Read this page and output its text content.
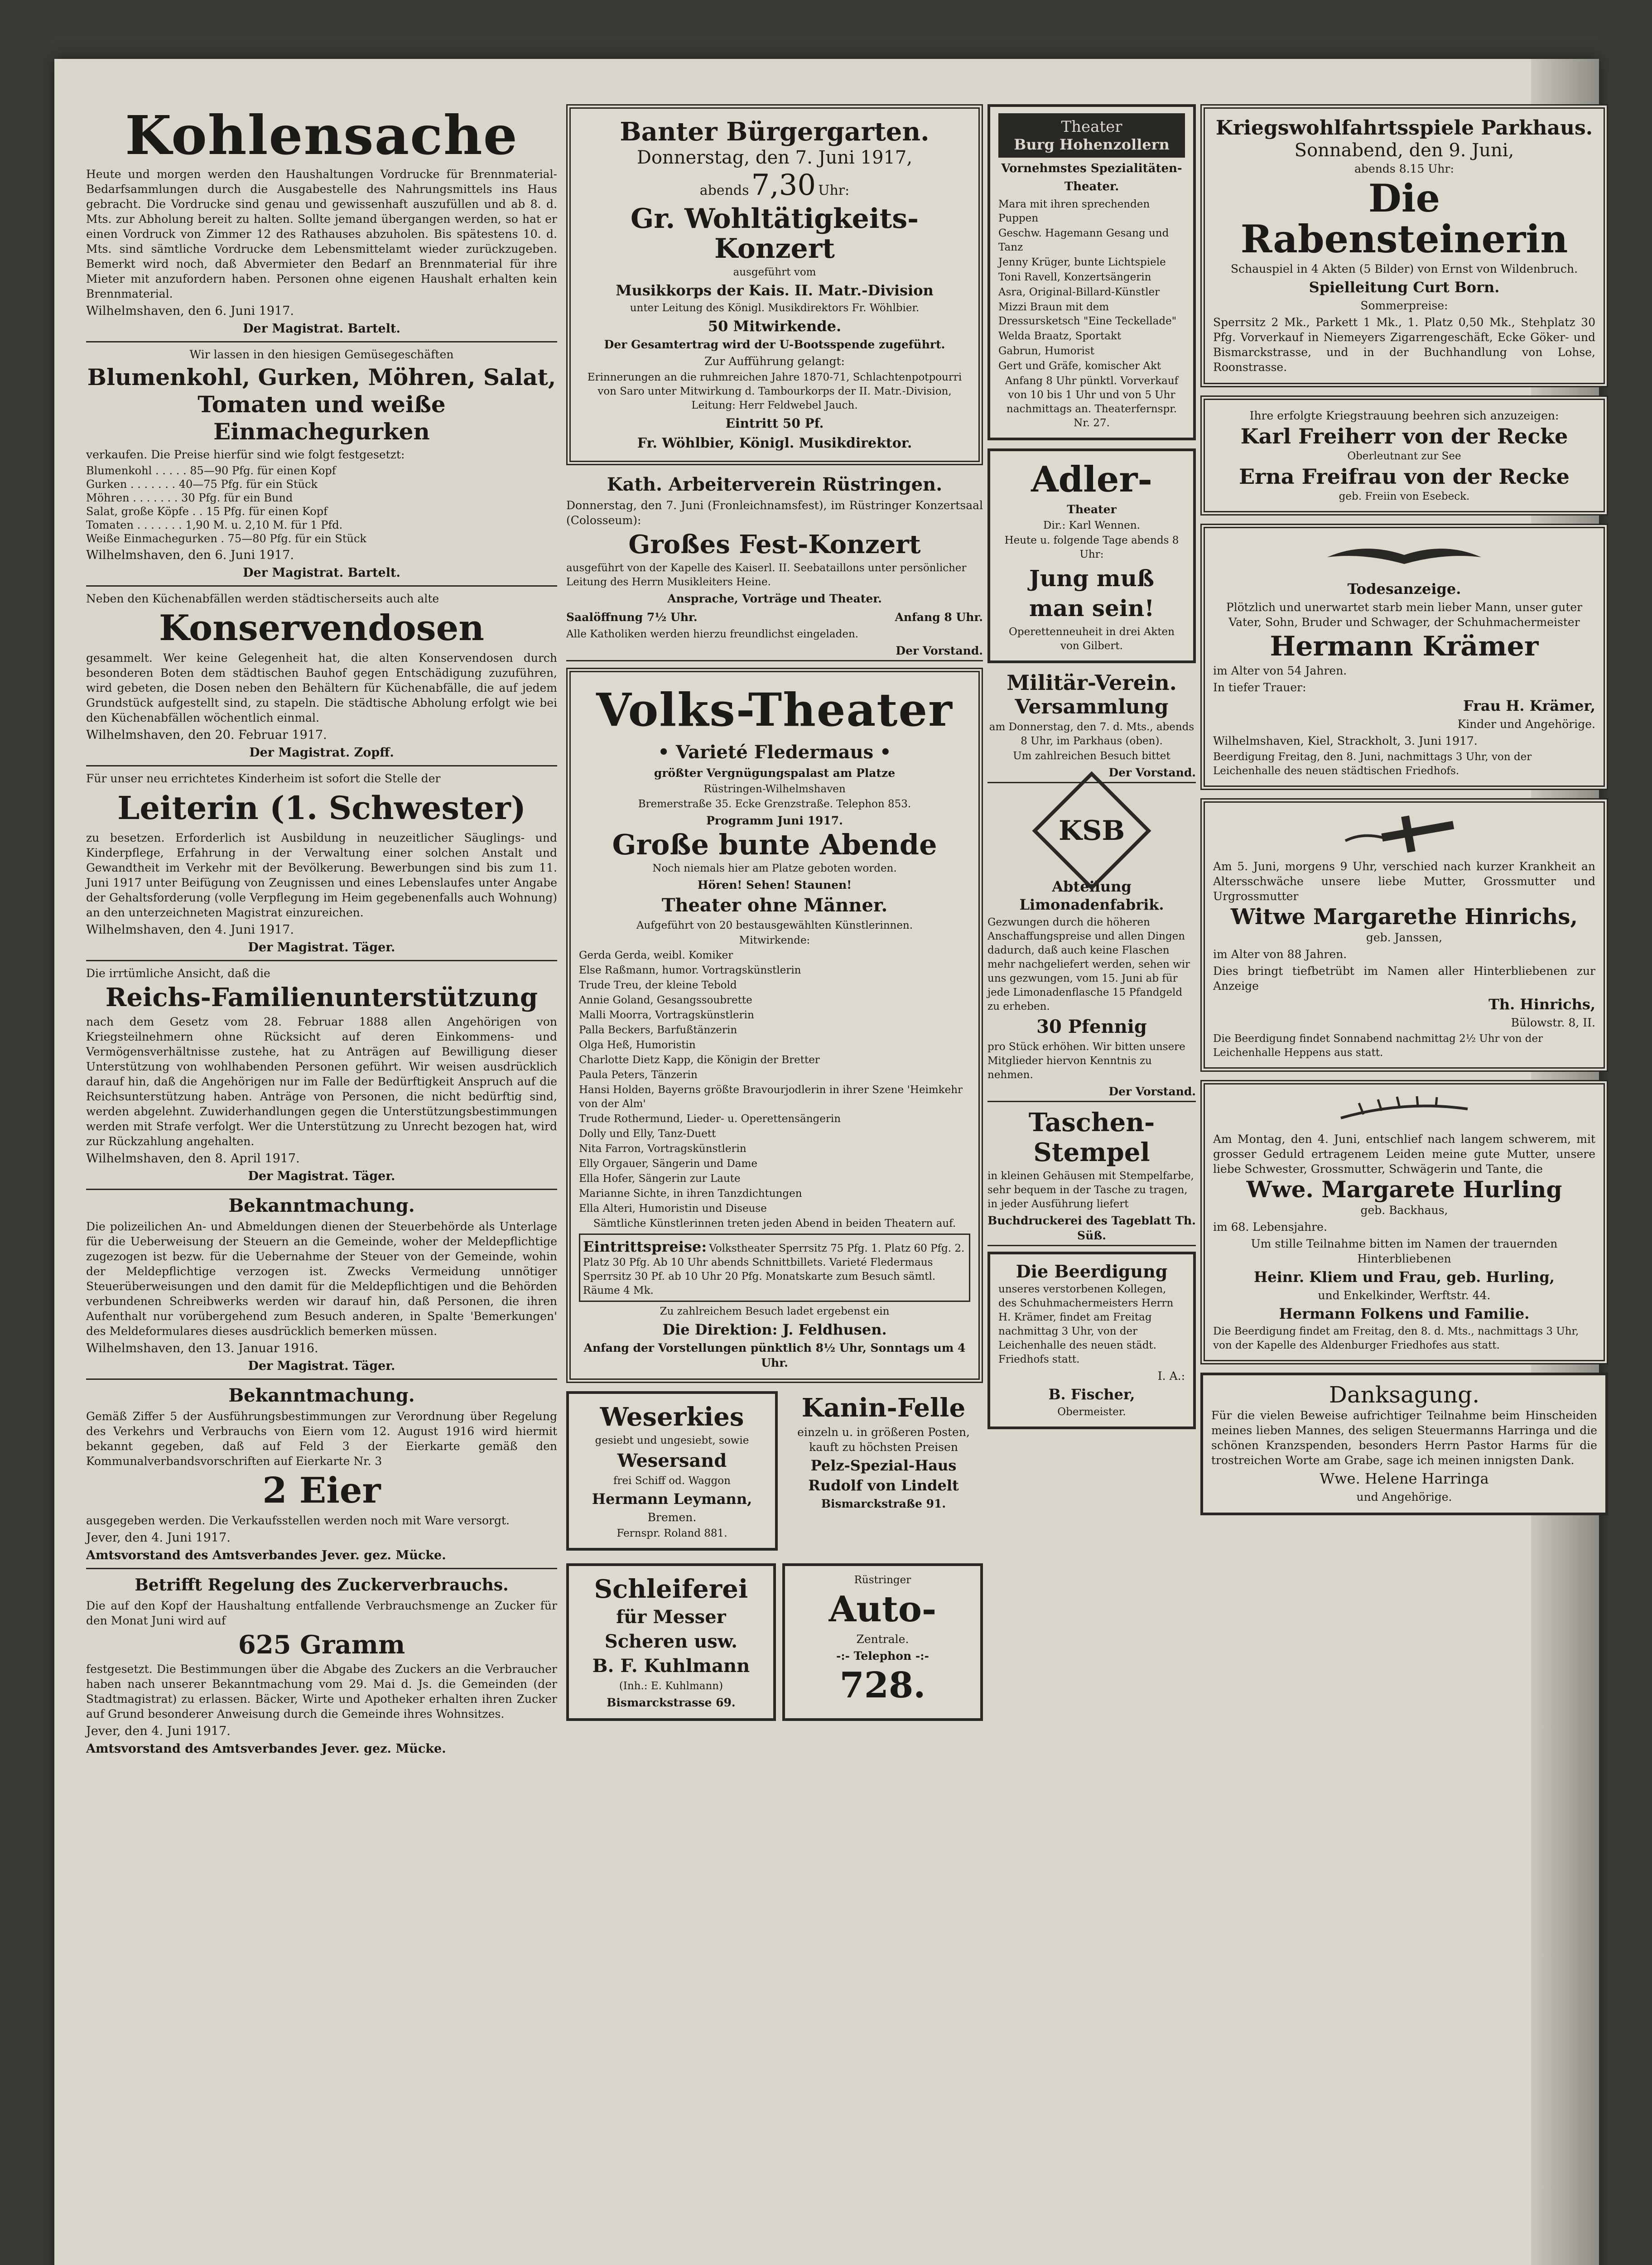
Kohlensache

Heute und morgen werden den Haushaltungen Vordrucke für Brennmaterial-Bedarfsammlungen durch die Ausgabestelle des Nahrungsmittels ins Haus gebracht. Die Vordrucke sind genau und gewissenhaft auszufüllen und ab 8. d. Mts. zur Abholung bereit zu halten. Sollte jemand übergangen werden, so hat er einen Vordruck von Zimmer 12 des Rathauses abzuholen. Bis spätestens 10. d. Mts. sind sämtliche Vordrucke dem Lebensmittelamt wieder zurückzugeben. Bemerkt wird noch, daß Abvermieter den Bedarf an Brennmaterial für ihre Mieter mit anzufordern haben. Personen ohne eigenen Haushalt erhalten kein Brennmaterial.

Wilhelmshaven, den 6. Juni 1917.

Der Magistrat. Bartelt.

Wir lassen in den hiesigen Gemüsegeschäften

Blumenkohl, Gurken, Möhren, Salat, Tomaten und weiße Einmachegurken

verkaufen. Die Preise hierfür sind wie folgt festgesetzt:

Blumenkohl . . . . . 85—90 Pfg. für einen Kopf
Gurken . . . . . . . 40—75 Pfg. für ein Stück
Möhren . . . . . . . 30 Pfg. für ein Bund
Salat, große Köpfe . . 15 Pfg. für einen Kopf
Tomaten . . . . . . . 1,90 M. u. 2,10 M. für 1 Pfd.
Weiße Einmachegurken . 75—80 Pfg. für ein Stück

Wilhelmshaven, den 6. Juni 1917.

Der Magistrat. Bartelt.

Neben den Küchenabfällen werden städtischerseits auch alte

Konservendosen

gesammelt. Wer keine Gelegenheit hat, die alten Konservendosen durch besonderen Boten dem städtischen Bauhof gegen Entschädigung zuzuführen, wird gebeten, die Dosen neben den Behältern für Küchenabfälle, die auf jedem Grundstück aufgestellt sind, zu stapeln. Die städtische Abholung erfolgt wie bei den Küchenabfällen wöchentlich einmal.

Wilhelmshaven, den 20. Februar 1917.

Der Magistrat. Zopff.

Für unser neu errichtetes Kinderheim ist sofort die Stelle der

Leiterin (1. Schwester)

zu besetzen. Erforderlich ist Ausbildung in neuzeitlicher Säuglings- und Kinderpflege, Erfahrung in der Verwaltung einer solchen Anstalt und Gewandtheit im Verkehr mit der Bevölkerung. Bewerbungen sind bis zum 11. Juni 1917 unter Beifügung von Zeugnissen und eines Lebenslaufes unter Angabe der Gehaltsforderung (volle Verpflegung im Heim gegebenenfalls auch Wohnung) an den unterzeichneten Magistrat einzureichen.

Wilhelmshaven, den 4. Juni 1917.

Der Magistrat. Täger.

Die irrtümliche Ansicht, daß die

Reichs-Familienunterstützung

nach dem Gesetz vom 28. Februar 1888 allen Angehörigen von Kriegsteilnehmern ohne Rücksicht auf deren Einkommens- und Vermögensverhältnisse zustehe, hat zu Anträgen auf Bewilligung dieser Unterstützung von wohlhabenden Personen geführt. Wir weisen ausdrücklich darauf hin, daß die Angehörigen nur im Falle der Bedürftigkeit Anspruch auf die Reichsunterstützung haben. Anträge von Personen, die nicht bedürftig sind, werden abgelehnt. Zuwiderhandlungen gegen die Unterstützungsbestimmungen werden mit Strafe verfolgt. Wer die Unterstützung zu Unrecht bezogen hat, wird zur Rückzahlung angehalten.

Wilhelmshaven, den 8. April 1917.

Der Magistrat. Täger.

Bekanntmachung.

Die polizeilichen An- und Abmeldungen dienen der Steuerbehörde als Unterlage für die Ueberweisung der Steuern an die Gemeinde, woher der Meldepflichtige zugezogen ist bezw. für die Uebernahme der Steuer von der Gemeinde, wohin der Meldepflichtige verzogen ist. Zwecks Vermeidung unnötiger Steuerüberweisungen und den damit für die Meldepflichtigen und die Behörden verbundenen Schreibwerks werden wir darauf hin, daß Personen, die ihren Aufenthalt nur vorübergehend zum Besuch anderen, in Spalte 'Bemerkungen' des Meldeformulares dieses ausdrücklich bemerken müssen.

Wilhelmshaven, den 13. Januar 1916.

Der Magistrat. Täger.

Bekanntmachung.

Gemäß Ziffer 5 der Ausführungsbestimmungen zur Verordnung über Regelung des Verkehrs und Verbrauchs von Eiern vom 12. August 1916 wird hiermit bekannt gegeben, daß auf Feld 3 der Eierkarte gemäß den Kommunalverbandsvorschriften auf Eierkarte Nr. 3

2 Eier

ausgegeben werden. Die Verkaufsstellen werden noch mit Ware versorgt.

Jever, den 4. Juni 1917.

Amtsvorstand des Amtsverbandes Jever. gez. Mücke.

Betrifft Regelung des Zuckerverbrauchs.

Die auf den Kopf der Haushaltung entfallende Verbrauchsmenge an Zucker für den Monat Juni wird auf

625 Gramm

festgesetzt. Die Bestimmungen über die Abgabe des Zuckers an die Verbraucher haben nach unserer Bekanntmachung vom 29. Mai d. Js. die Gemeinden (der Stadtmagistrat) zu erlassen. Bäcker, Wirte und Apotheker erhalten ihren Zucker auf Grund besonderer Anweisung durch die Gemeinde ihres Wohnsitzes.

Jever, den 4. Juni 1917.

Amtsvorstand des Amtsverbandes Jever. gez. Mücke.

Banter Bürgergarten.
Donnerstag, den 7. Juni 1917,
abends 7,30 Uhr:
Gr. Wohltätigkeits-Konzert

ausgeführt vom

Musikkorps der Kais. II. Matr.-Division

unter Leitung des Königl. Musikdirektors Fr. Wöhlbier.

50 Mitwirkende.

Der Gesamtertrag wird der U-Bootsspende zugeführt.

Zur Aufführung gelangt:

Erinnerungen an die ruhmreichen Jahre 1870-71, Schlachtenpotpourri von Saro unter Mitwirkung d. Tambourkorps der II. Matr.-Division, Leitung: Herr Feldwebel Jauch.

Eintritt 50 Pf.

Fr. Wöhlbier, Königl. Musikdirektor.

Kath. Arbeiterverein Rüstringen.

Donnerstag, den 7. Juni (Fronleichnamsfest), im Rüstringer Konzertsaal (Colosseum):

Großes Fest-Konzert

ausgeführt von der Kapelle des Kaiserl. II. Seebataillons unter persönlicher Leitung des Herrn Musikleiters Heine.

Ansprache, Vorträge und Theater.

Saalöffnung 7½ Uhr.	Anfang 8 Uhr.

Alle Katholiken werden hierzu freundlichst eingeladen.

Der Vorstand.

Volks-Theater
• Varieté Fledermaus •

größter Vergnügungspalast am Platze

Rüstringen-Wilhelmshaven

Bremerstraße 35. Ecke Grenzstraße. Telephon 853.

Programm Juni 1917.

Große bunte Abende

Noch niemals hier am Platze geboten worden.

Hören! Sehen! Staunen!

Theater ohne Männer.

Aufgeführt von 20 bestausgewählten Künstlerinnen.

Mitwirkende:

Gerda Gerda, weibl. Komiker

Else Raßmann, humor. Vortragskünstlerin

Trude Treu, der kleine Tebold

Annie Goland, Gesangssoubrette

Malli Moorra, Vortragskünstlerin

Palla Beckers, Barfußtänzerin

Olga Heß, Humoristin

Charlotte Dietz Kapp, die Königin der Bretter

Paula Peters, Tänzerin

Hansi Holden, Bayerns größte Bravourjodlerin in ihrer Szene 'Heimkehr von der Alm'

Trude Rothermund, Lieder- u. Operettensängerin

Dolly und Elly, Tanz-Duett

Nita Farron, Vortragskünstlerin

Elly Orgauer, Sängerin und Dame

Ella Hofer, Sängerin zur Laute

Marianne Sichte, in ihren Tanzdichtungen

Ella Alteri, Humoristin und Diseuse

Sämtliche Künstlerinnen treten jeden Abend in beiden Theatern auf.

Eintrittspreise: Volkstheater Sperrsitz 75 Pfg. 1. Platz 60 Pfg. 2. Platz 30 Pfg. Ab 10 Uhr abends Schnittbillets. Varieté Fledermaus Sperrsitz 30 Pf. ab 10 Uhr 20 Pfg. Monatskarte zum Besuch sämtl. Räume 4 Mk.

Zu zahlreichem Besuch ladet ergebenst ein

Die Direktion: J. Feldhusen.

Anfang der Vorstellungen pünktlich 8½ Uhr, Sonntags um 4 Uhr.

Weserkies

gesiebt und ungesiebt, sowie

Wesersand

frei Schiff od. Waggon

Hermann Leymann,

Bremen.

Fernspr. Roland 881.

Kanin-Felle

einzeln u. in größeren Posten, kauft zu höchsten Preisen

Pelz-Spezial-Haus

Rudolf von Lindelt

Bismarckstraße 91.

Schleiferei
für Messer
Scheren usw.
B. F. Kuhlmann

(Inh.: E. Kuhlmann)

Bismarckstrasse 69.

Rüstringer

Auto-

Zentrale.

-:- Telephon -:-

728.
Theater
Burg Hohenzollern

Vornehmstes Spezialitäten-Theater.

Mara mit ihren sprechenden Puppen

Geschw. Hagemann Gesang und Tanz

Jenny Krüger, bunte Lichtspiele

Toni Ravell, Konzertsängerin

Asra, Original-Billard-Künstler

Mizzi Braun mit dem Dressursketsch "Eine Teckellade"

Welda Braatz, Sportakt

Gabrun, Humorist

Gert und Gräfe, komischer Akt

Anfang 8 Uhr pünktl. Vorverkauf von 10 bis 1 Uhr und von 5 Uhr nachmittags an. Theaterfernspr. Nr. 27.

Adler-

Theater

Dir.: Karl Wennen.

Heute u. folgende Tage abends 8 Uhr:

Jung muß man sein!

Operettenneuheit in drei Akten von Gilbert.

Militär-Verein.
Versammlung

am Donnerstag, den 7. d. Mts., abends 8 Uhr, im Parkhaus (oben).

Um zahlreichen Besuch bittet

Der Vorstand.

KSB

Abteilung Limonadenfabrik.

Gezwungen durch die höheren Anschaffungspreise und allen Dingen dadurch, daß auch keine Flaschen mehr nachgeliefert werden, sehen wir uns gezwungen, vom 15. Juni ab für jede Limonadenflasche 15 Pfandgeld zu erheben.

30 Pfennig

pro Stück erhöhen. Wir bitten unsere Mitglieder hiervon Kenntnis zu nehmen.

Der Vorstand.

Taschen-Stempel

in kleinen Gehäusen mit Stempelfarbe, sehr bequem in der Tasche zu tragen, in jeder Ausführung liefert

Buchdruckerei des Tageblatt Th. Süß.

Die Beerdigung

unseres verstorbenen Kollegen, des Schuhmachermeisters Herrn H. Krämer, findet am Freitag nachmittag 3 Uhr, von der Leichenhalle des neuen städt. Friedhofs statt.

I. A.:

B. Fischer,

Obermeister.

Kriegswohlfahrtsspiele Parkhaus.

Sonnabend, den 9. Juni,

abends 8.15 Uhr:

Die Rabensteinerin

Schauspiel in 4 Akten (5 Bilder) von Ernst von Wildenbruch.

Spielleitung Curt Born.

Sommerpreise:

Sperrsitz 2 Mk., Parkett 1 Mk., 1. Platz 0,50 Mk., Stehplatz 30 Pfg. Vorverkauf in Niemeyers Zigarrengeschäft, Ecke Göker- und Bismarckstrasse, und in der Buchhandlung von Lohse, Roonstrasse.

Ihre erfolgte Kriegstrauung beehren sich anzuzeigen:

Karl Freiherr von der Recke

Oberleutnant zur See

Erna Freifrau von der Recke

geb. Freiin von Esebeck.

Todesanzeige.

Plötzlich und unerwartet starb mein lieber Mann, unser guter Vater, Sohn, Bruder und Schwager, der Schuhmachermeister

Hermann Krämer

im Alter von 54 Jahren.

In tiefer Trauer:

Frau H. Krämer,

Kinder und Angehörige.

Wilhelmshaven, Kiel, Strackholt, 3. Juni 1917.

Beerdigung Freitag, den 8. Juni, nachmittags 3 Uhr, von der Leichenhalle des neuen städtischen Friedhofs.

Am 5. Juni, morgens 9 Uhr, verschied nach kurzer Krankheit an Altersschwäche unsere liebe Mutter, Grossmutter und Urgrossmutter

Witwe Margarethe Hinrichs,

geb. Janssen,

im Alter von 88 Jahren.

Dies bringt tiefbetrübt im Namen aller Hinterbliebenen zur Anzeige

Th. Hinrichs,

Bülowstr. 8, II.

Die Beerdigung findet Sonnabend nachmittag 2½ Uhr von der Leichenhalle Heppens aus statt.

Am Montag, den 4. Juni, entschlief nach langem schwerem, mit grosser Geduld ertragenem Leiden meine gute Mutter, unsere liebe Schwester, Grossmutter, Schwägerin und Tante, die

Wwe. Margarete Hurling

geb. Backhaus,

im 68. Lebensjahre.

Um stille Teilnahme bitten im Namen der trauernden Hinterbliebenen

Heinr. Kliem und Frau, geb. Hurling,

und Enkelkinder, Werftstr. 44.

Hermann Folkens und Familie.

Die Beerdigung findet am Freitag, den 8. d. Mts., nachmittags 3 Uhr, von der Kapelle des Aldenburger Friedhofes aus statt.

Danksagung.

Für die vielen Beweise aufrichtiger Teilnahme beim Hinscheiden meines lieben Mannes, des seligen Steuermanns Harringa und die schönen Kranzspenden, besonders Herrn Pastor Harms für die trostreichen Worte am Grabe, sage ich meinen innigsten Dank.

Wwe. Helene Harringa

und Angehörige.
